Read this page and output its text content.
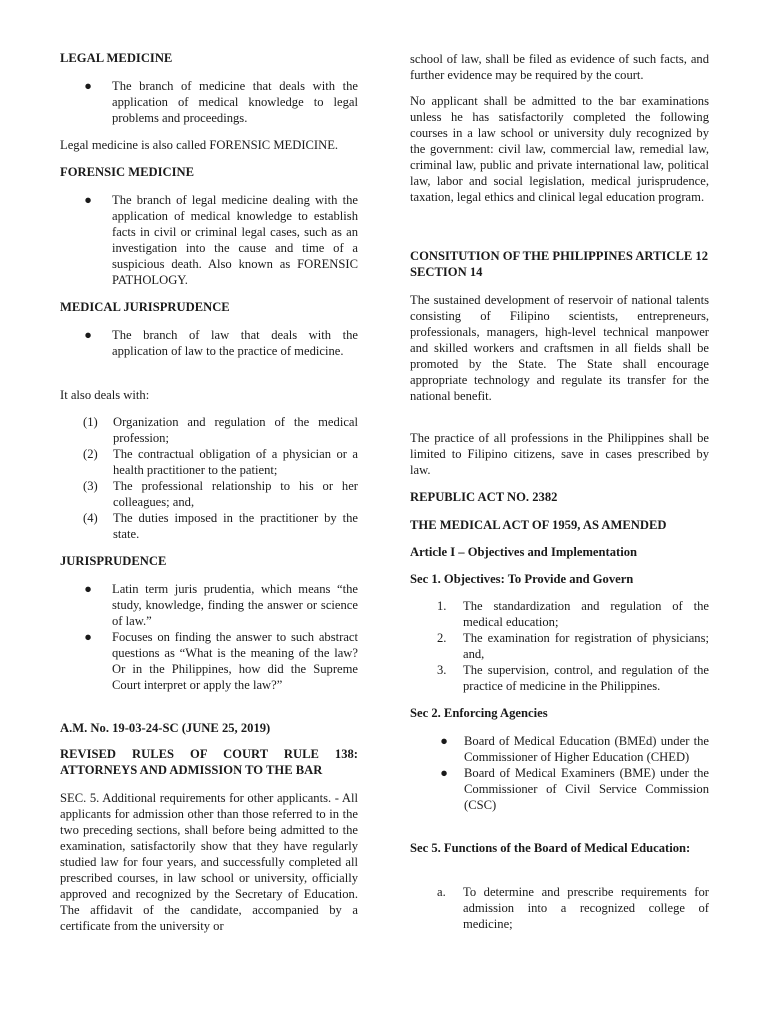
LEGAL MEDICINE

● The branch of medicine that deals with the application of medical knowledge to legal problems and proceedings.

Legal medicine is also called FORENSIC MEDICINE.

FORENSIC MEDICINE

● The branch of legal medicine dealing with the application of medical knowledge to establish facts in civil or criminal legal cases, such as an investigation into the cause and time of a suspicious death. Also known as FORENSIC PATHOLOGY.

MEDICAL JURISPRUDENCE

● The branch of law that deals with the application of law to the practice of medicine.

It also deals with:

(1) Organization and regulation of the medical profession;
(2) The contractual obligation of a physician or a health practitioner to the patient;
(3) The professional relationship to his or her colleagues; and,
(4) The duties imposed in the practitioner by the state.

JURISPRUDENCE

● Latin term juris prudentia, which means “the study, knowledge, finding the answer or science of law.”
● Focuses on finding the answer to such abstract questions as “What is the meaning of the law? Or in the Philippines, how did the Supreme Court interpret or apply the law?”

A.M. No. 19-03-24-SC (JUNE 25, 2019)

REVISED RULES OF COURT RULE 138: ATTORNEYS AND ADMISSION TO THE BAR

SEC. 5. Additional requirements for other applicants. - All applicants for admission other than those referred to in the two preceding sections, shall before being admitted to the examination, satisfactorily show that they have regularly studied law for four years, and successfully completed all prescribed courses, in law school or university, officially approved and recognized by the Secretary of Education. The affidavit of the candidate, accompanied by a certificate from the university or

school of law, shall be filed as evidence of such facts, and further evidence may be required by the court.

No applicant shall be admitted to the bar examinations unless he has satisfactorily completed the following courses in a law school or university duly recognized by the government: civil law, commercial law, remedial law, criminal law, public and private international law, political law, labor and social legislation, medical jurisprudence, taxation, legal ethics and clinical legal education program.

CONSITUTION OF THE PHILIPPINES ARTICLE 12 SECTION 14

The sustained development of reservoir of national talents consisting of Filipino scientists, entrepreneurs, professionals, managers, high-level technical manpower and skilled workers and craftsmen in all fields shall be promoted by the State. The State shall encourage appropriate technology and regulate its transfer for the national benefit.

The practice of all professions in the Philippines shall be limited to Filipino citizens, save in cases prescribed by law.

REPUBLIC ACT NO. 2382

THE MEDICAL ACT OF 1959, AS AMENDED

Article I – Objectives and Implementation

Sec 1. Objectives: To Provide and Govern

1. The standardization and regulation of the medical education;
2. The examination for registration of physicians; and,
3. The supervision, control, and regulation of the practice of medicine in the Philippines.

Sec 2. Enforcing Agencies

● Board of Medical Education (BMEd) under the Commissioner of Higher Education (CHED)
● Board of Medical Examiners (BME) under the Commissioner of Civil Service Commission (CSC)

Sec 5. Functions of the Board of Medical Education:

a. To determine and prescribe requirements for admission into a recognized college of medicine;
